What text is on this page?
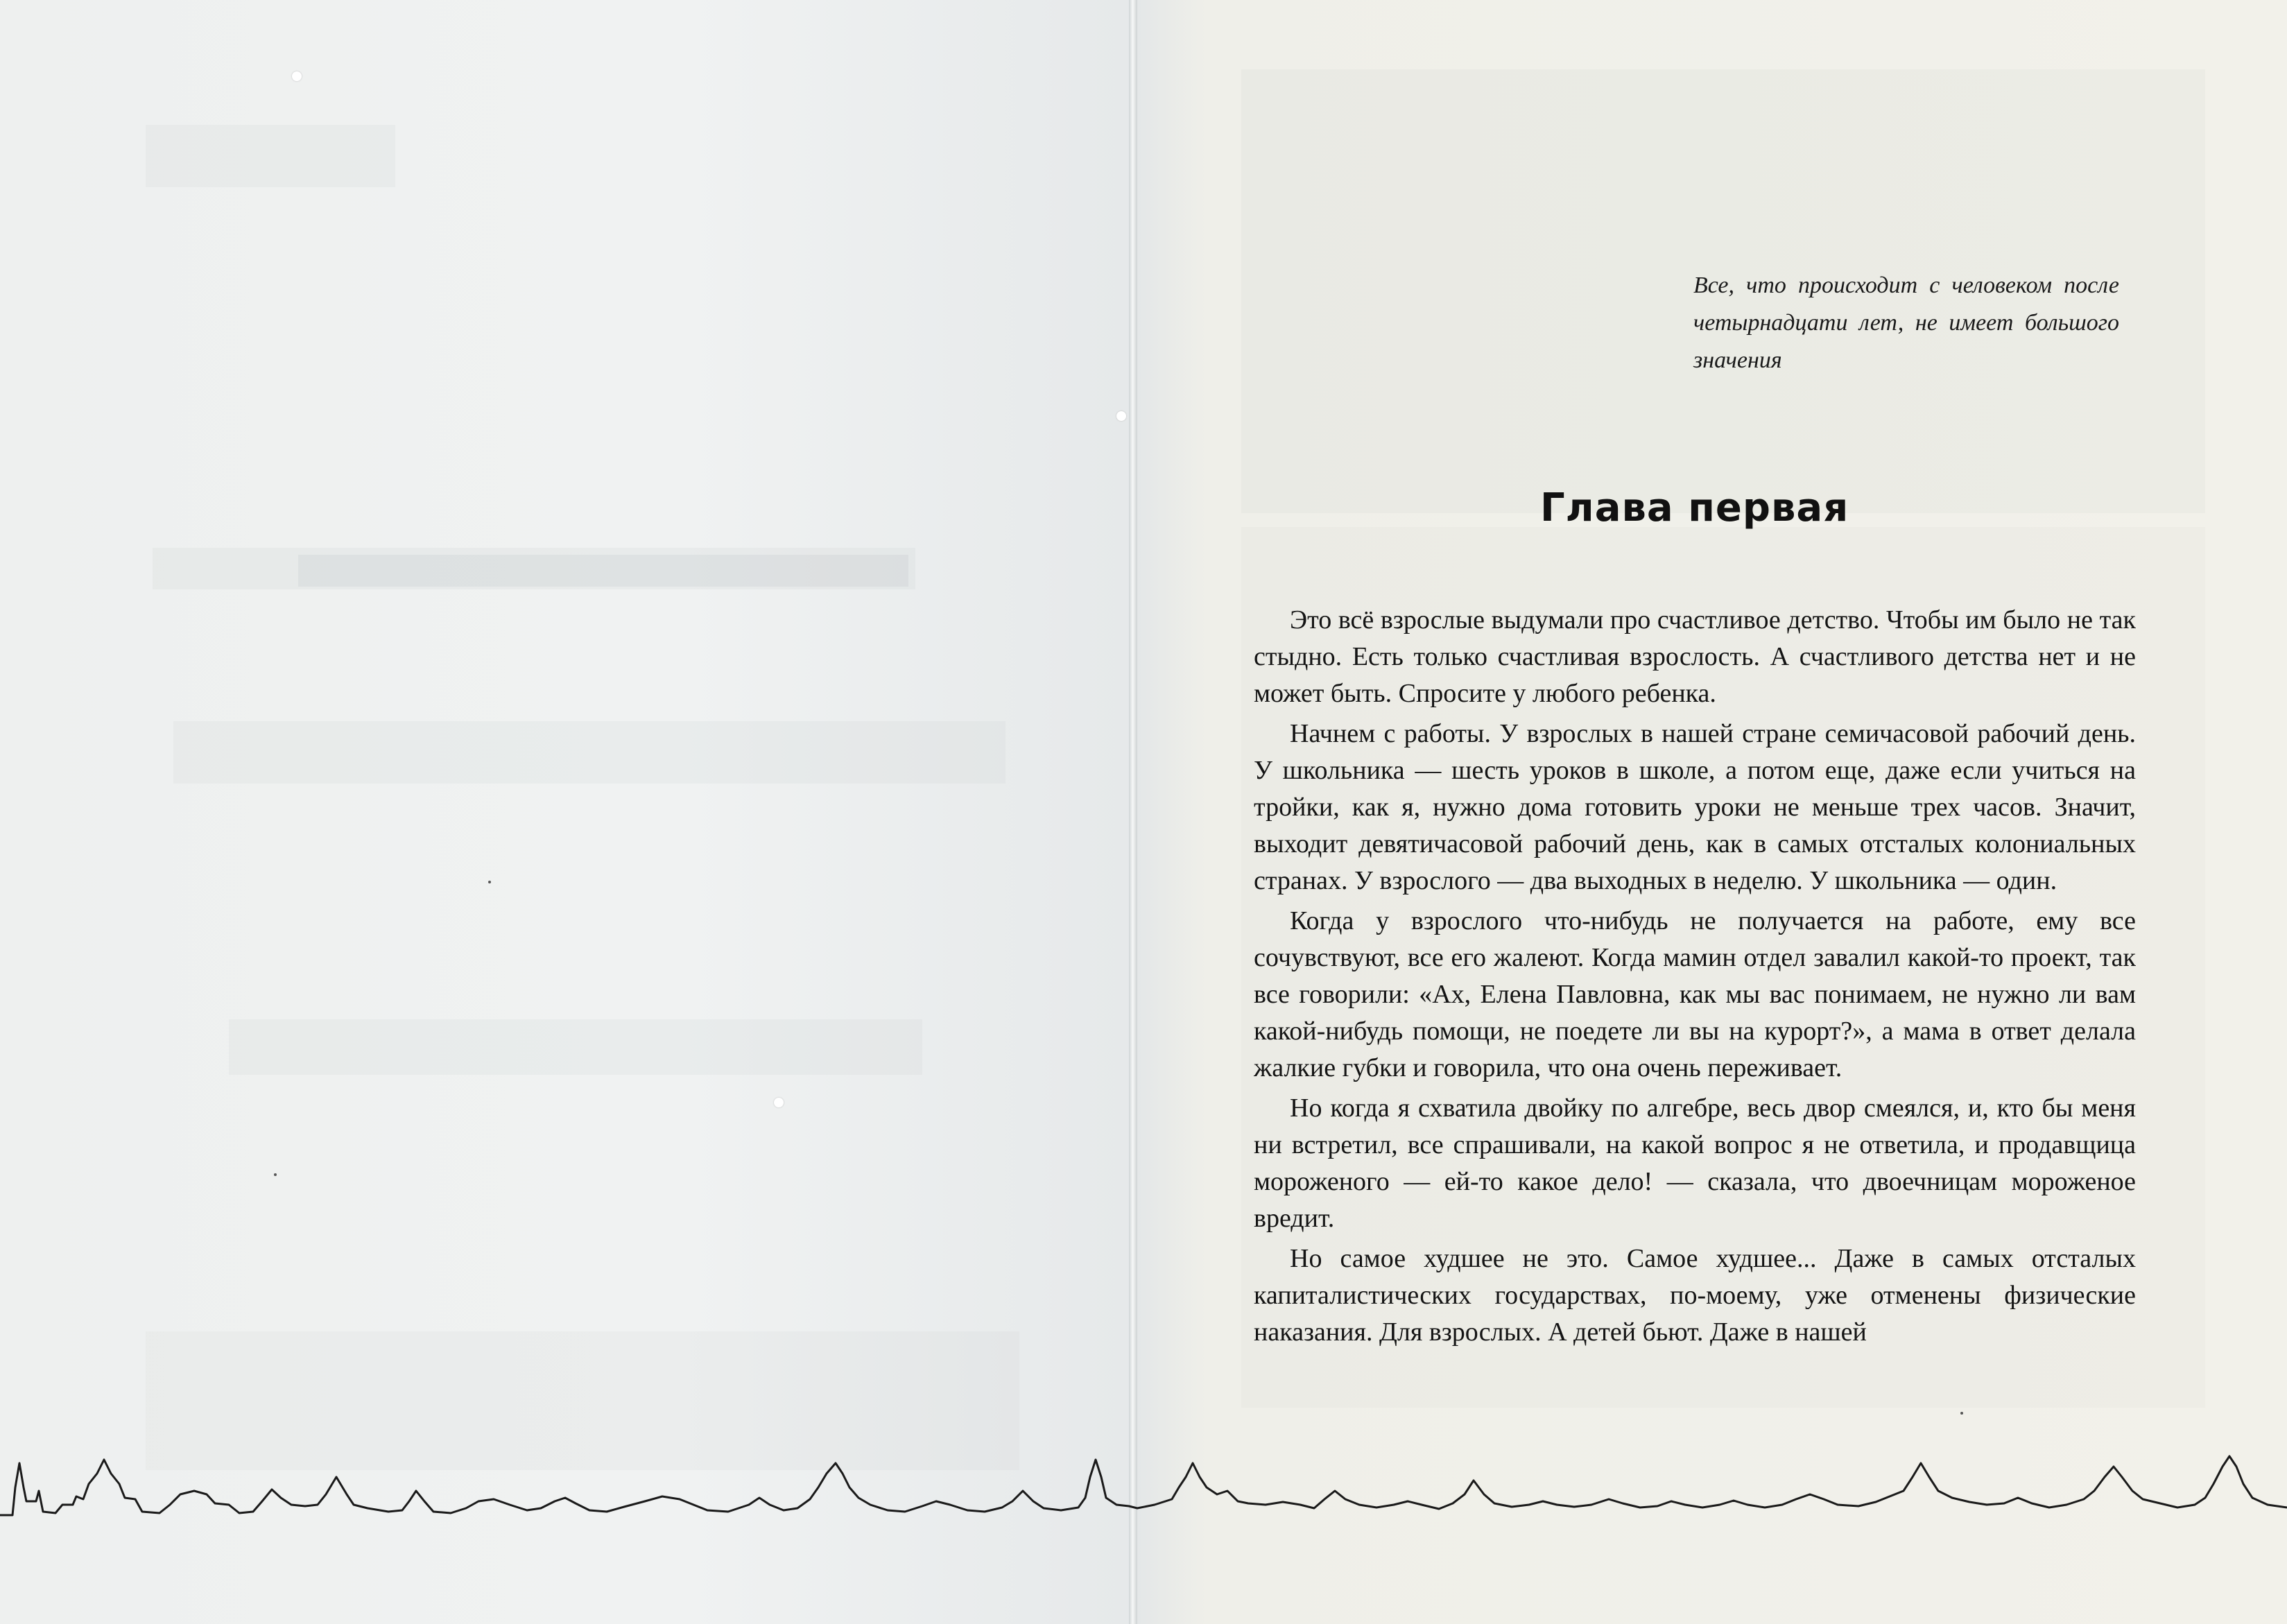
Все, что происходит с человеком после четырнадцати лет, не имеет большого значения
Глава первая

Это всё взрослые выдумали про счастливое детство. Чтобы им было не так стыдно. Есть только счастливая взрослость. А счастливого детства нет и не может быть. Спросите у любого ребенка.

Начнем с работы. У взрослых в нашей стране семичасовой рабочий день. У школьника — шесть уроков в школе, а потом еще, даже если учиться на тройки, как я, нужно дома готовить уроки не меньше трех часов. Значит, выходит девятичасовой рабочий день, как в самых отсталых колониальных странах. У взрослого — два выходных в неделю. У школьника — один.

Когда у взрослого что-нибудь не получается на работе, ему все сочувствуют, все его жалеют. Когда мамин отдел завалил какой-то проект, так все говорили: «Ах, Елена Павловна, как мы вас понимаем, не нужно ли вам какой-нибудь помощи, не поедете ли вы на курорт?», а мама в ответ делала жалкие губки и говорила, что она очень переживает.

Но когда я схватила двойку по алгебре, весь двор смеялся, и, кто бы меня ни встретил, все спрашивали, на какой вопрос я не ответила, и продавщица мороженого — ей-то какое дело! — сказала, что двоечницам мороженое вредит.

Но самое худшее не это. Самое худшее... Даже в самых отсталых капиталистических государствах, по-моему, уже отменены физические наказания. Для взрослых. А детей бьют. Даже в нашей
